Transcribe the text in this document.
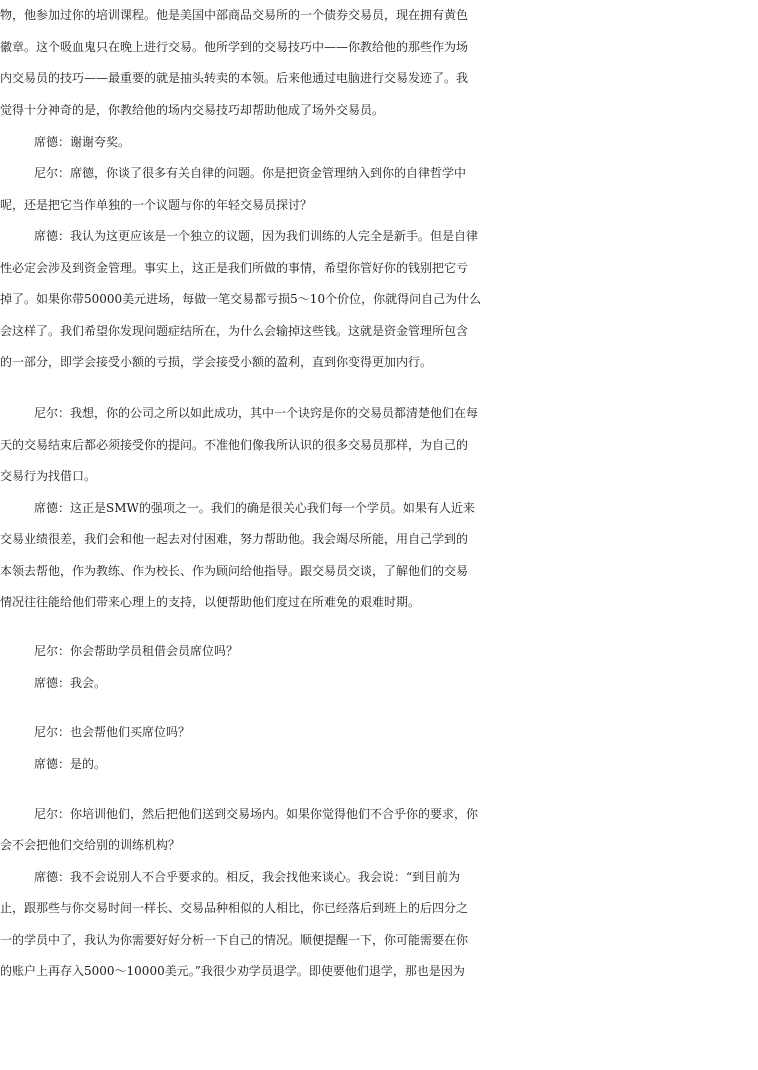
物，他参加过你的培训课程。他是美国中部商品交易所的一个债券交易员，现在拥有黄色
徽章。这个吸血鬼只在晚上进行交易。他所学到的交易技巧中——你教给他的那些作为场
内交易员的技巧——最重要的就是抽头转卖的本领。后来他通过电脑进行交易发迹了。我
觉得十分神奇的是，你教给他的场内交易技巧却帮助他成了场外交易员。
席德：谢谢夸奖。
尼尔：席德，你谈了很多有关自律的问题。你是把资金管理纳入到你的自律哲学中
呢，还是把它当作单独的一个议题与你的年轻交易员探讨？
席德：我认为这更应该是一个独立的议题，因为我们训练的人完全是新手。但是自律
性必定会涉及到资金管理。事实上，这正是我们所做的事情，希望你管好你的钱别把它亏
掉了。如果你带50000美元进场，每做一笔交易都亏损5～10个价位，你就得问自己为什么
会这样了。我们希望你发现问题症结所在，为什么会输掉这些钱。这就是资金管理所包含
的一部分，即学会接受小额的亏损，学会接受小额的盈利，直到你变得更加内行。
尼尔：我想，你的公司之所以如此成功，其中一个诀窍是你的交易员都清楚他们在每
天的交易结束后都必须接受你的提问。不准他们像我所认识的很多交易员那样，为自己的
交易行为找借口。
席德：这正是SMW的强项之一。我们的确是很关心我们每一个学员。如果有人近来
交易业绩很差，我们会和他一起去对付困难，努力帮助他。我会竭尽所能，用自己学到的
本领去帮他，作为教练、作为校长、作为顾问给他指导。跟交易员交谈，了解他们的交易
情况往往能给他们带来心理上的支持，以便帮助他们度过在所难免的艰难时期。
尼尔：你会帮助学员租借会员席位吗？
席德：我会。
尼尔：也会帮他们买席位吗？
席德：是的。
尼尔：你培训他们，然后把他们送到交易场内。如果你觉得他们不合乎你的要求，你
会不会把他们交给别的训练机构？
席德：我不会说别人不合乎要求的。相反，我会找他来谈心。我会说：“到目前为
止，跟那些与你交易时间一样长、交易品种相似的人相比，你已经落后到班上的后四分之
一的学员中了，我认为你需要好好分析一下自己的情况。顺便提醒一下，你可能需要在你
的账户上再存入5000～10000美元。”我很少劝学员退学。即使要他们退学，那也是因为
